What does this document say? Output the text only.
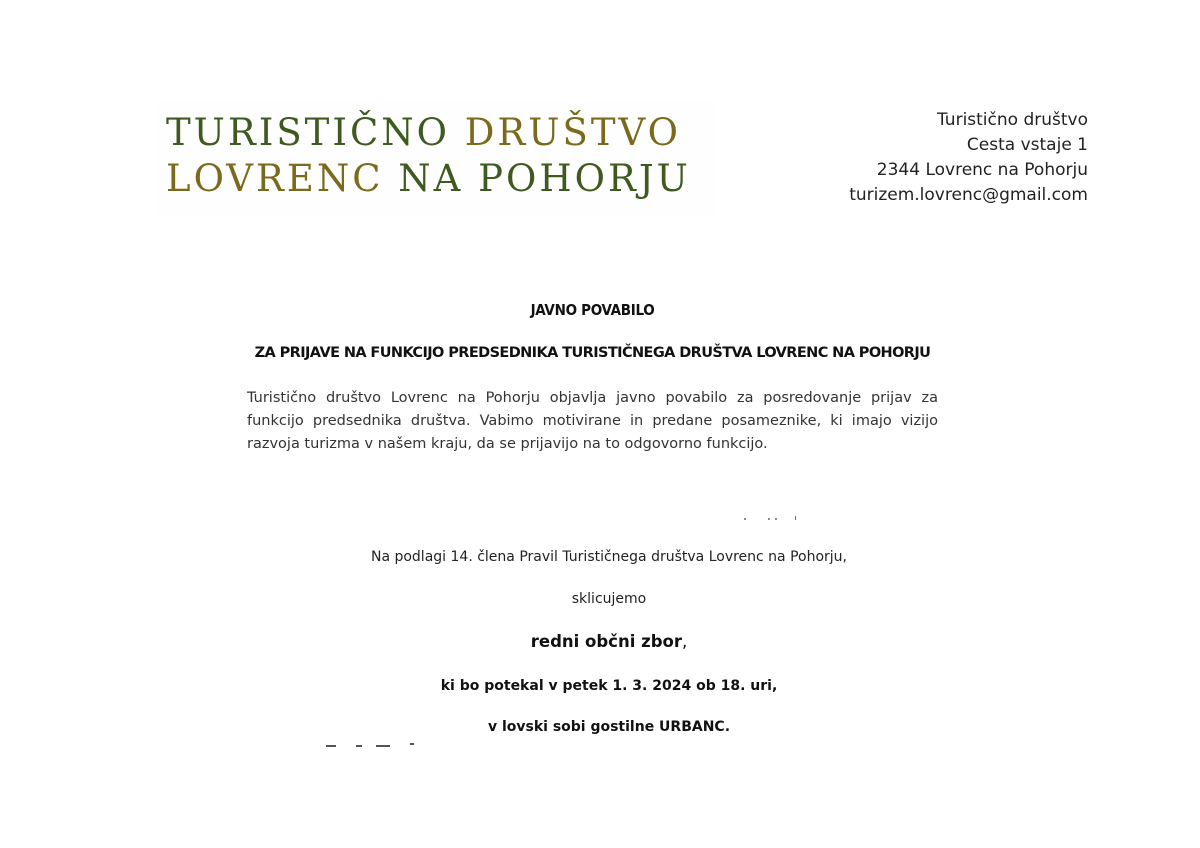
TURISTIČNO DRUŠTVO
LOVRENC NA POHORJU
Turistično društvo
Cesta vstaje 1
2344 Lovrenc na Pohorju
turizem.lovrenc@gmail.com
JAVNO POVABILO
ZA PRIJAVE NA FUNKCIJO PREDSEDNIKA TURISTIČNEGA DRUŠTVA LOVRENC NA POHORJU
Turistično društvo Lovrenc na Pohorju objavlja javno povabilo za posredovanje prijav za funkcijo predsednika društva. Vabimo motivirane in predane posameznike, ki imajo vizijo razvoja turizma v našem kraju, da se prijavijo na to odgovorno funkcijo.
Na podlagi 14. člena Pravil Turističnega društva Lovrenc na Pohorju,
sklicujemo
redni občni zbor,
ki bo potekal v petek 1. 3. 2024 ob 18. uri,
v lovski sobi gostilne URBANC.
